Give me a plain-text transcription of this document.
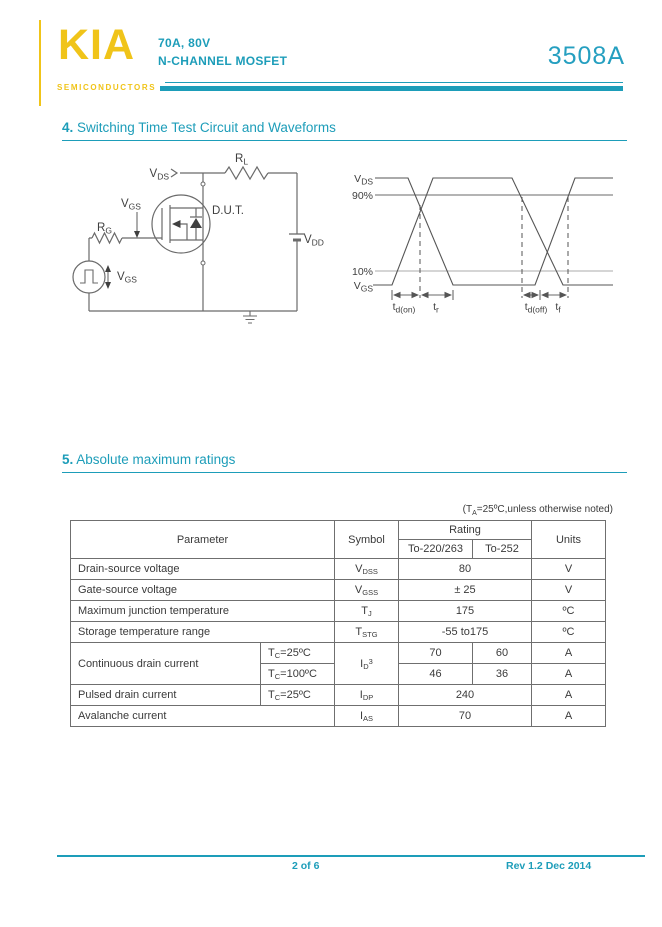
KIA
SEMICONDUCTORS
70A, 80V
N-CHANNEL MOSFET	3508A
4. Switching Time Test Circuit and Waveforms
$V_{DS}$
$R_L$
$R_G$
$V_{GS}$	D.U.T.
$V_{DD}$
$V_{GS}$
$V_{DS}$
90%
10%
$V_{GS}$
$t_{d(on)}$ $t_r$	$t_{d(off)}$ $t_f$
5. Absolute maximum ratings
($T_A=25ºC,unless$ otherwise noted)
Parameter		Symbol	Rating		Units
			To-220/263	To-252	
Drain-source voltage		$V_{DSS}$	80		V
Gate-source voltage		$V_{GSS}$	± 25		V
Maximum junction temperature		$T_J$	175		ºC
Storage temperature range		$T_{STG}$	-55 to175		ºC
Continuous drain current	$T_C=25ºC$	$I_D^3$	70	60	A
	$T_C=100ºC$		46	36	A
Pulsed drain current	$T_C=25ºC$	$I_{DP}$	240		A
Avalanche current		$I_{AS}$	70		A
2 of 6	Rev 1.2 Dec 2014
